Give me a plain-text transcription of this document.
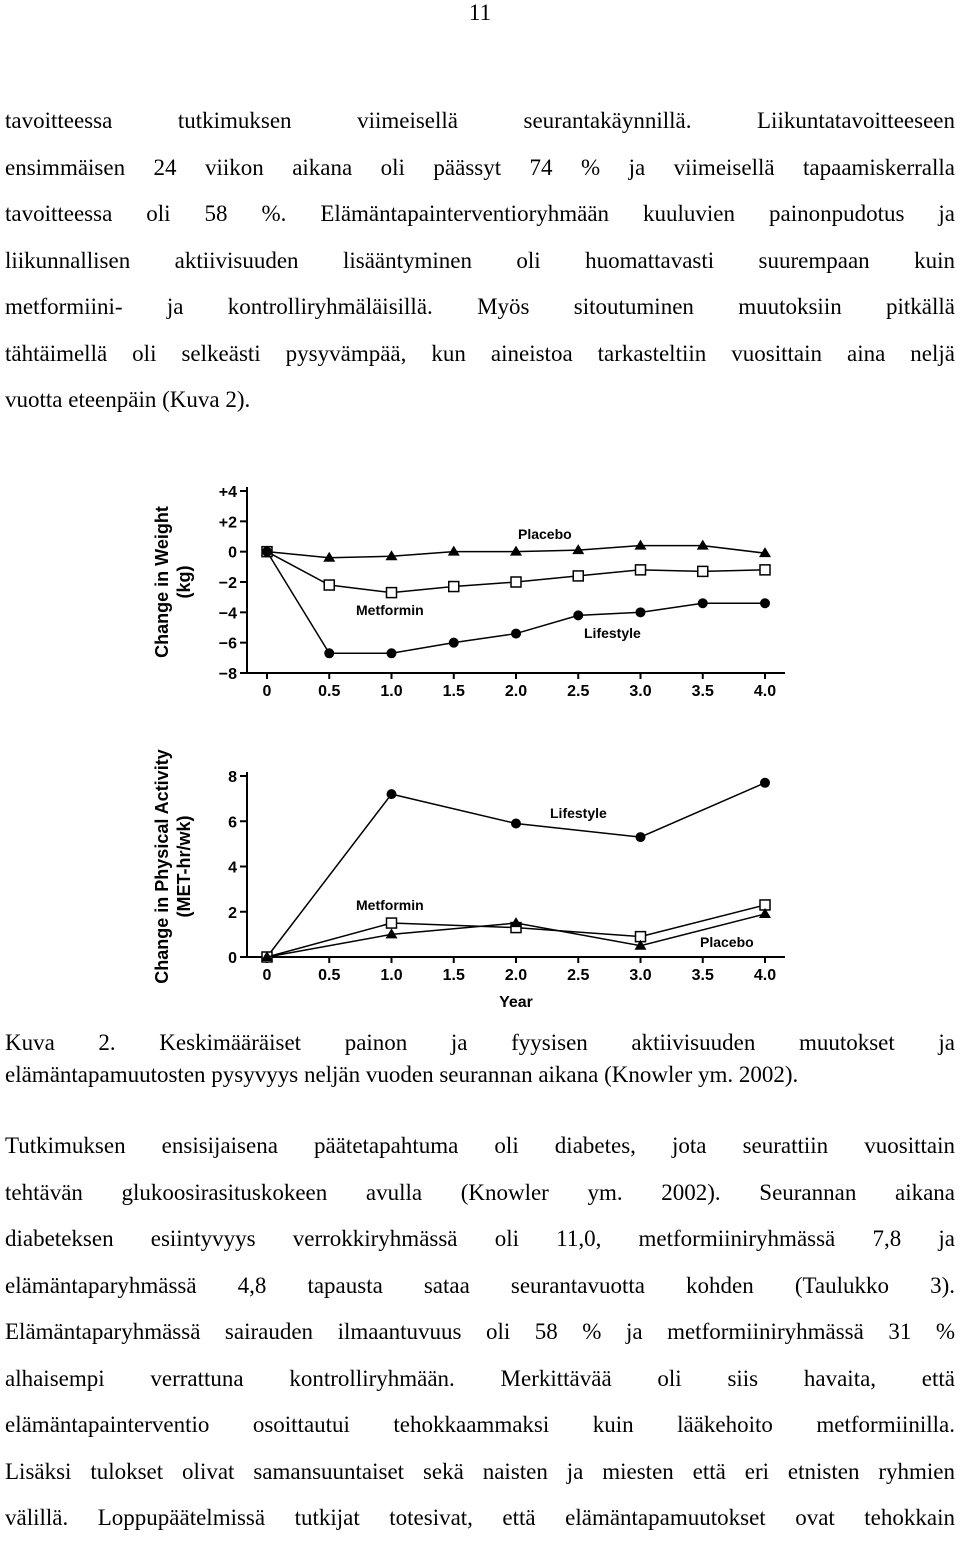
11
tavoitteessa tutkimuksen viimeisellä seurantakäynnillä. Liikuntatavoitteeseen
ensimmäisen 24 viikon aikana oli päässyt 74 % ja viimeisellä tapaamiskerralla
tavoitteessa oli 58 %. Elämäntapainterventioryhmään kuuluvien painonpudotus ja
liikunnallisen aktiivisuuden lisääntyminen oli huomattavasti suurempaan kuin
metformiini- ja kontrolliryhmäläisillä. Myös sitoutuminen muutoksiin pitkällä
tähtäimellä oli selkeästi pysyvämpää, kun aineistoa tarkasteltiin vuosittain aina neljä
vuotta eteenpäin (Kuva 2).
+4
+2
0
−2
−4
−6
−8
0	0.5	1.0	1.5	2.0	2.5	3.0	3.5	4.0
Change in Weight (kg)
Placebo
Metformin
Lifestyle
8
6
4
2
0
0	0.5	1.0	1.5	2.0	2.5	3.0	3.5	4.0
Change in Physical Activity (MET-hr/wk)
Year
Lifestyle
Metformin
Placebo
Kuva 2. Keskimääräiset painon ja fyysisen aktiivisuuden muutokset ja
elämäntapamuutosten pysyvyys neljän vuoden seurannan aikana (Knowler ym. 2002).
Tutkimuksen ensisijaisena päätetapahtuma oli diabetes, jota seurattiin vuosittain
tehtävän glukoosirasituskokeen avulla (Knowler ym. 2002). Seurannan aikana
diabeteksen esiintyvyys verrokkiryhmässä oli 11,0, metformiiniryhmässä 7,8 ja
elämäntaparyhmässä 4,8 tapausta sataa seurantavuotta kohden (Taulukko 3).
Elämäntaparyhmässä sairauden ilmaantuvuus oli 58 % ja metformiiniryhmässä 31 %
alhaisempi verrattuna kontrolliryhmään. Merkittävää oli siis havaita, että
elämäntapainterventio osoittautui tehokkaammaksi kuin lääkehoito metformiinilla.
Lisäksi tulokset olivat samansuuntaiset sekä naisten ja miesten että eri etnisten ryhmien
välillä. Loppupäätelmissä tutkijat totesivat, että elämäntapamuutokset ovat tehokkain
